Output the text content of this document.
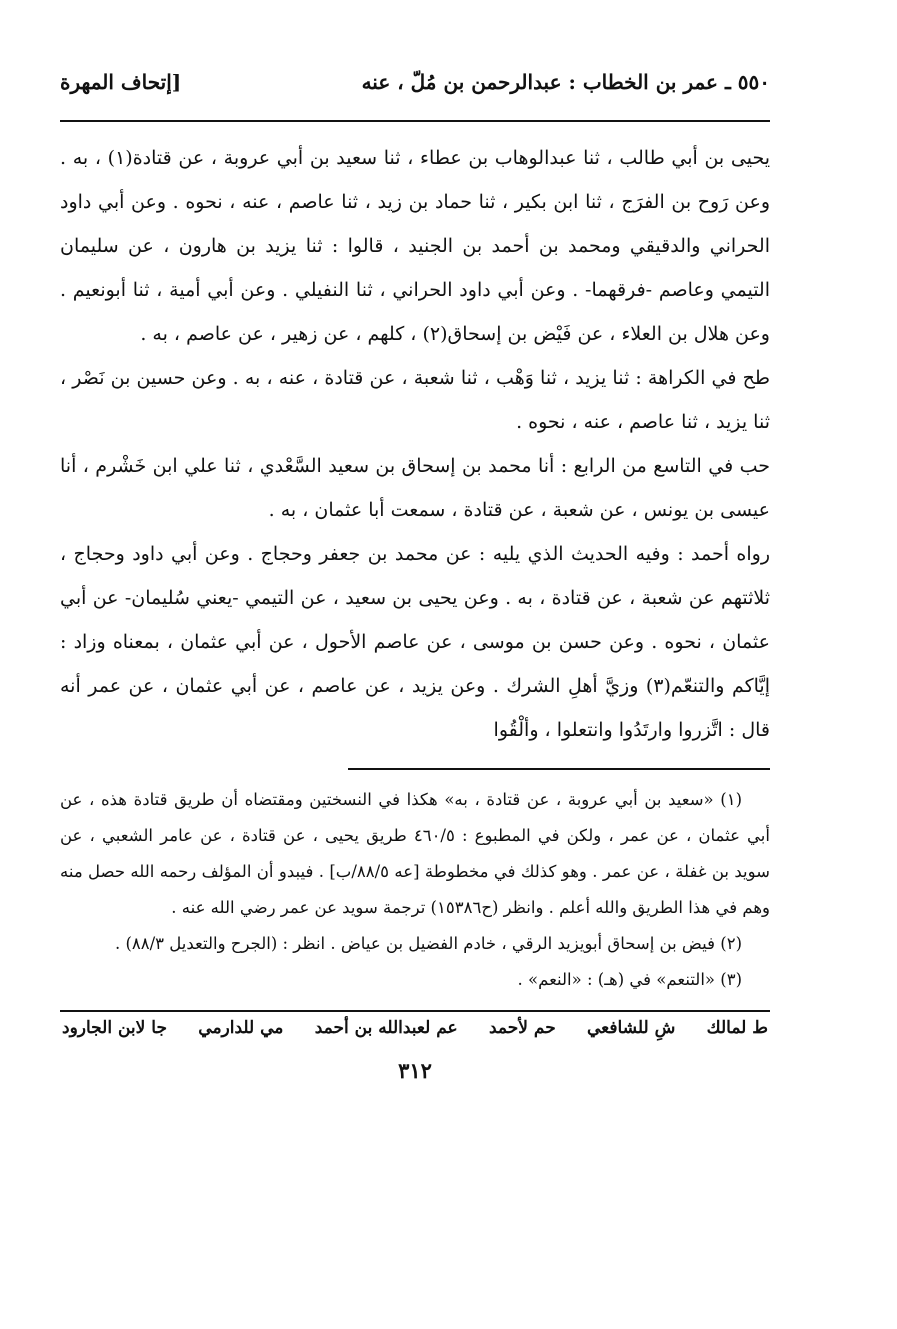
٥٥٠ ـ عمر بن الخطاب : عبدالرحمن بن مُلّ ، عنه
[إتحاف المهرة

يحيى بن أبي طالب ، ثنا عبدالوهاب بن عطاء ، ثنا سعيد بن أبي عروبة ، عن قتادة(١) ، به . وعن رَوح بن الفرَج ، ثنا ابن بكير ، ثنا حماد بن زيد ، ثنا عاصم ، عنه ، نحوه . وعن أبي داود الحراني والدقيقي ومحمد بن أحمد بن الجنيد ، قالوا : ثنا يزيد بن هارون ، عن سليمان التيمي وعاصم -فرقهما- . وعن أبي داود الحراني ، ثنا النفيلي . وعن أبي أمية ، ثنا أبونعيم . وعن هلال بن العلاء ، عن فَيْض بن إسحاق(٢) ، كلهم ، عن زهير ، عن عاصم ، به .

طح في الكراهة : ثنا يزيد ، ثنا وَهْب ، ثنا شعبة ، عن قتادة ، عنه ، به . وعن حسين بن نَصْر ، ثنا يزيد ، ثنا عاصم ، عنه ، نحوه .

حب في التاسع من الرابع : أنا محمد بن إسحاق بن سعيد السَّعْدي ، ثنا علي ابن خَشْرم ، أنا عيسى بن يونس ، عن شعبة ، عن قتادة ، سمعت أبا عثمان ، به .

رواه أحمد : وفيه الحديث الذي يليه : عن محمد بن جعفر وحجاج . وعن أبي داود وحجاج ، ثلاثتهم عن شعبة ، عن قتادة ، به . وعن يحيى بن سعيد ، عن التيمي -يعني سُليمان- عن أبي عثمان ، نحوه . وعن حسن بن موسى ، عن عاصم الأحول ، عن أبي عثمان ، بمعناه وزاد : إيَّاكم والتنعّم(٣) وزيَّ أهلِ الشرك . وعن يزيد ، عن عاصم ، عن أبي عثمان ، عن عمر أنه قال : اتَّزروا وارتَدُوا وانتعلوا ، وألْقُوا

(١) «سعيد بن أبي عروبة ، عن قتادة ، به» هكذا في النسختين ومقتضاه أن طريق قتادة هذه ، عن أبي عثمان ، عن عمر ، ولكن في المطبوع : ٤٦٠/٥ طريق يحيى ، عن قتادة ، عن عامر الشعبي ، عن سويد بن غفلة ، عن عمر . وهو كذلك في مخطوطة [عه ٨٨/٥/ب] . فيبدو أن المؤلف رحمه الله حصل منه وهم في هذا الطريق والله أعلم . وانظر (ح١٥٣٨٦) ترجمة سويد عن عمر رضي الله عنه .

(٢) فيض بن إسحاق أبويزيد الرقي ، خادم الفضيل بن عياض . انظر : (الجرح والتعديل ٨٨/٣) .

(٣) «التنعم» في (هـ) : «النعم» .

ط لمالك
شِ للشافعي
حم لأحمد
عم لعبدالله بن أحمد
مي للدارمي
جا لابن الجارود
٣١٢
